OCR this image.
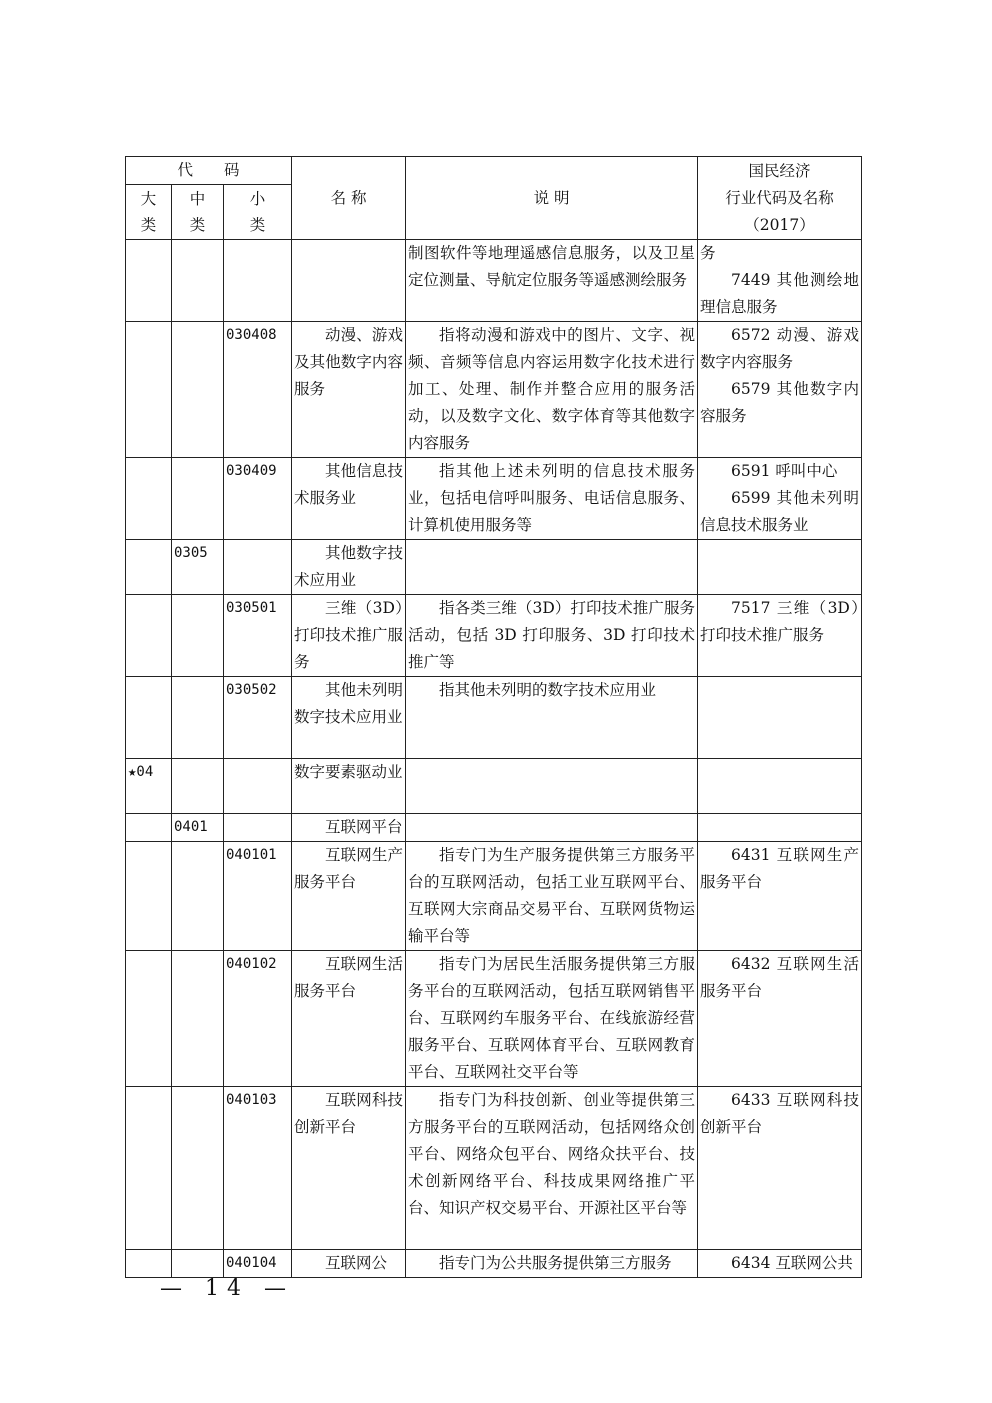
代　　码			名 称	说 明	国民经济
行业代码及名称
（2017）
大类	中类	小类			

				制图软件等地理遥感信息服务，以及卫星定位测量、导航定位服务等遥感测绘服务	务
7449 其他测绘地理信息服务

		030408	动漫、游戏及其他数字内容服务	指将动漫和游戏中的图片、文字、视频、音频等信息内容运用数字化技术进行加工、处理、制作并整合应用的服务活动，以及数字文化、数字体育等其他数字内容服务	6572 动漫、游戏数字内容服务
6579 其他数字内容服务

		030409	其他信息技术服务业	指其他上述未列明的信息技术服务业，包括电信呼叫服务、电话信息服务、计算机使用服务等	6591 呼叫中心
6599 其他未列明信息技术服务业

	0305		其他数字技术应用业		

		030501	三维（3D）打印技术推广服务	指各类三维（3D）打印技术推广服务活动，包括 3D 打印服务、3D 打印技术推广等	7517 三维（3D）打印技术推广服务

		030502	其他未列明数字技术应用业	指其他未列明的数字技术应用业	

★04			数字要素驱动业		

	0401		互联网平台		

		040101	互联网生产服务平台	指专门为生产服务提供第三方服务平台的互联网活动，包括工业互联网平台、互联网大宗商品交易平台、互联网货物运输平台等	6431 互联网生产服务平台

		040102	互联网生活服务平台	指专门为居民生活服务提供第三方服务平台的互联网活动，包括互联网销售平台、互联网约车服务平台、在线旅游经营服务平台、互联网体育平台、互联网教育平台、互联网社交平台等	6432 互联网生活服务平台

		040103	互联网科技创新平台	指专门为科技创新、创业等提供第三方服务平台的互联网活动，包括网络众创平台、网络众包平台、网络众扶平台、技术创新网络平台、科技成果网络推广平台、知识产权交易平台、开源社区平台等	6433 互联网科技创新平台

		040104	互联网公	指专门为公共服务提供第三方服务	6434 互联网公共
— 14 —
